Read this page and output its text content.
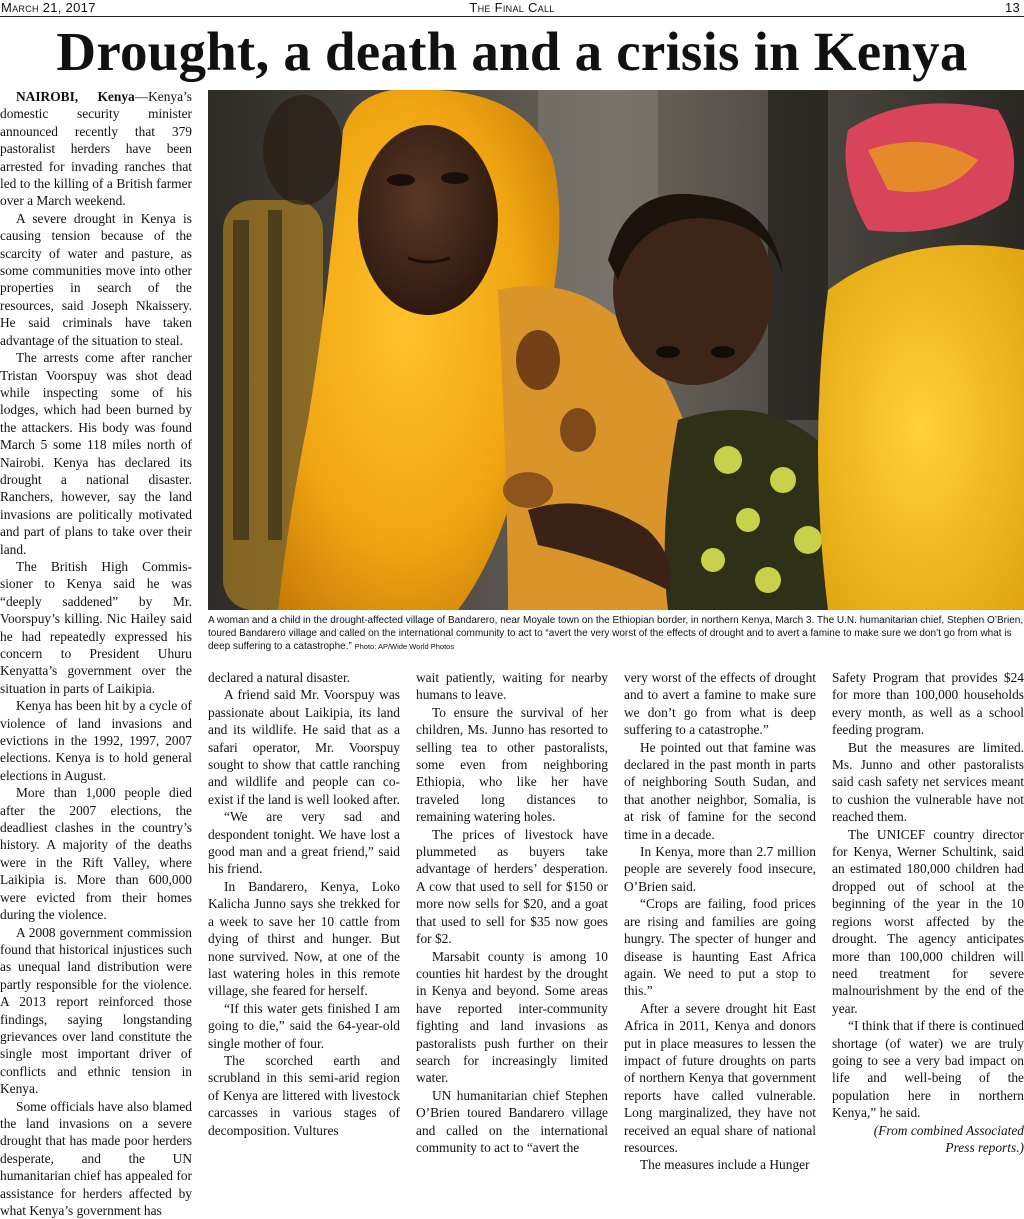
March 21, 2017	The Final Call	13
Drought, a death and a crisis in Kenya

NAIROBI, Kenya—Kenya’s domestic security minister announced recently that 379 pastoralist herders have been arrested for invading ranches that led to the killing of a British farmer over a March weekend.

A severe drought in Kenya is causing tension because of the scarcity of water and pasture, as some communities move into other properties in search of the resources, said Joseph Nkaissery. He said criminals have taken advantage of the situation to steal.

The arrests come after rancher Tristan Voorspuy was shot dead while inspecting some of his lodges, which had been burned by the attackers. His body was found March 5 some 118 miles north of Nairobi. Kenya has declared its drought a national disaster. Ranchers, however, say the land invasions are politically motivated and part of plans to take over their land.

The British High Commis-sioner to Kenya said he was “deeply saddened” by Mr. Voorspuy’s killing. Nic Hailey said he had repeatedly expressed his concern to President Uhuru Kenyatta’s government over the situation in parts of Laikipia.

Kenya has been hit by a cycle of violence of land invasions and evictions in the 1992, 1997, 2007 elections. Kenya is to hold general elections in August.

More than 1,000 people died after the 2007 elections, the deadliest clashes in the country’s history. A majority of the deaths were in the Rift Valley, where Laikipia is. More than 600,000 were evicted from their homes during the violence.

A 2008 government commission found that historical injustices such as unequal land distribution were partly responsible for the violence. A 2013 report reinforced those findings, saying longstanding grievances over land constitute the single most important driver of conflicts and ethnic tension in Kenya.

Some officials have also blamed the land invasions on a severe drought that has made poor herders desperate, and the UN humanitarian chief has appealed for assistance for herders affected by what Kenya’s government has

A woman and a child in the drought-affected village of Bandarero, near Moyale town on the Ethiopian border, in northern Kenya, March 3. The U.N. humanitarian chief, Stephen O’Brien, toured Bandarero village and called on the international community to act to “avert the very worst of the effects of drought and to avert a famine to make sure we don’t go from what is deep suffering to a catastrophe.” Photo: AP/Wide World Photos

declared a natural disaster.

A friend said Mr. Voorspuy was passionate about Laikipia, its land and its wildlife. He said that as a safari operator, Mr. Voorspuy sought to show that cattle ranching and wildlife and people can co-exist if the land is well looked after.

“We are very sad and despondent tonight. We have lost a good man and a great friend,” said his friend.

In Bandarero, Kenya, Loko Kalicha Junno says she trekked for a week to save her 10 cattle from dying of thirst and hunger. But none survived. Now, at one of the last watering holes in this remote village, she feared for herself.

“If this water gets finished I am going to die,” said the 64-year-old single mother of four.

The scorched earth and scrubland in this semi-arid region of Kenya are littered with livestock carcasses in various stages of decomposition. Vultures

wait patiently, waiting for nearby humans to leave.

To ensure the survival of her children, Ms. Junno has resorted to selling tea to other pastoralists, some even from neighboring Ethiopia, who like her have traveled long distances to remaining watering holes.

The prices of livestock have plummeted as buyers take advantage of herders’ desperation. A cow that used to sell for $150 or more now sells for $20, and a goat that used to sell for $35 now goes for $2.

Marsabit county is among 10 counties hit hardest by the drought in Kenya and beyond. Some areas have reported inter-community fighting and land invasions as pastoralists push further on their search for increasingly limited water.

UN humanitarian chief Stephen O’Brien toured Bandarero village and called on the international community to act to “avert the

very worst of the effects of drought and to avert a famine to make sure we don’t go from what is deep suffering to a catastrophe.”

He pointed out that famine was declared in the past month in parts of neighboring South Sudan, and that another neighbor, Somalia, is at risk of famine for the second time in a decade.

In Kenya, more than 2.7 million people are severely food insecure, O’Brien said.

“Crops are failing, food prices are rising and families are going hungry. The specter of hunger and disease is haunting East Africa again. We need to put a stop to this.”

After a severe drought hit East Africa in 2011, Kenya and donors put in place measures to lessen the impact of future droughts on parts of northern Kenya that government reports have called vulnerable. Long marginalized, they have not received an equal share of national resources.

The measures include a Hunger

Safety Program that provides $24 for more than 100,000 households every month, as well as a school feeding program.

But the measures are limited. Ms. Junno and other pastoralists said cash safety net services meant to cushion the vulnerable have not reached them.

The UNICEF country director for Kenya, Werner Schultink, said an estimated 180,000 children had dropped out of school at the beginning of the year in the 10 regions worst affected by the drought. The agency anticipates more than 100,000 children will need treatment for severe malnourishment by the end of the year.

“I think that if there is continued shortage (of water) we are truly going to see a very bad impact on life and well-being of the population here in northern Kenya,” he said.

(From combined Associated Press reports.)
